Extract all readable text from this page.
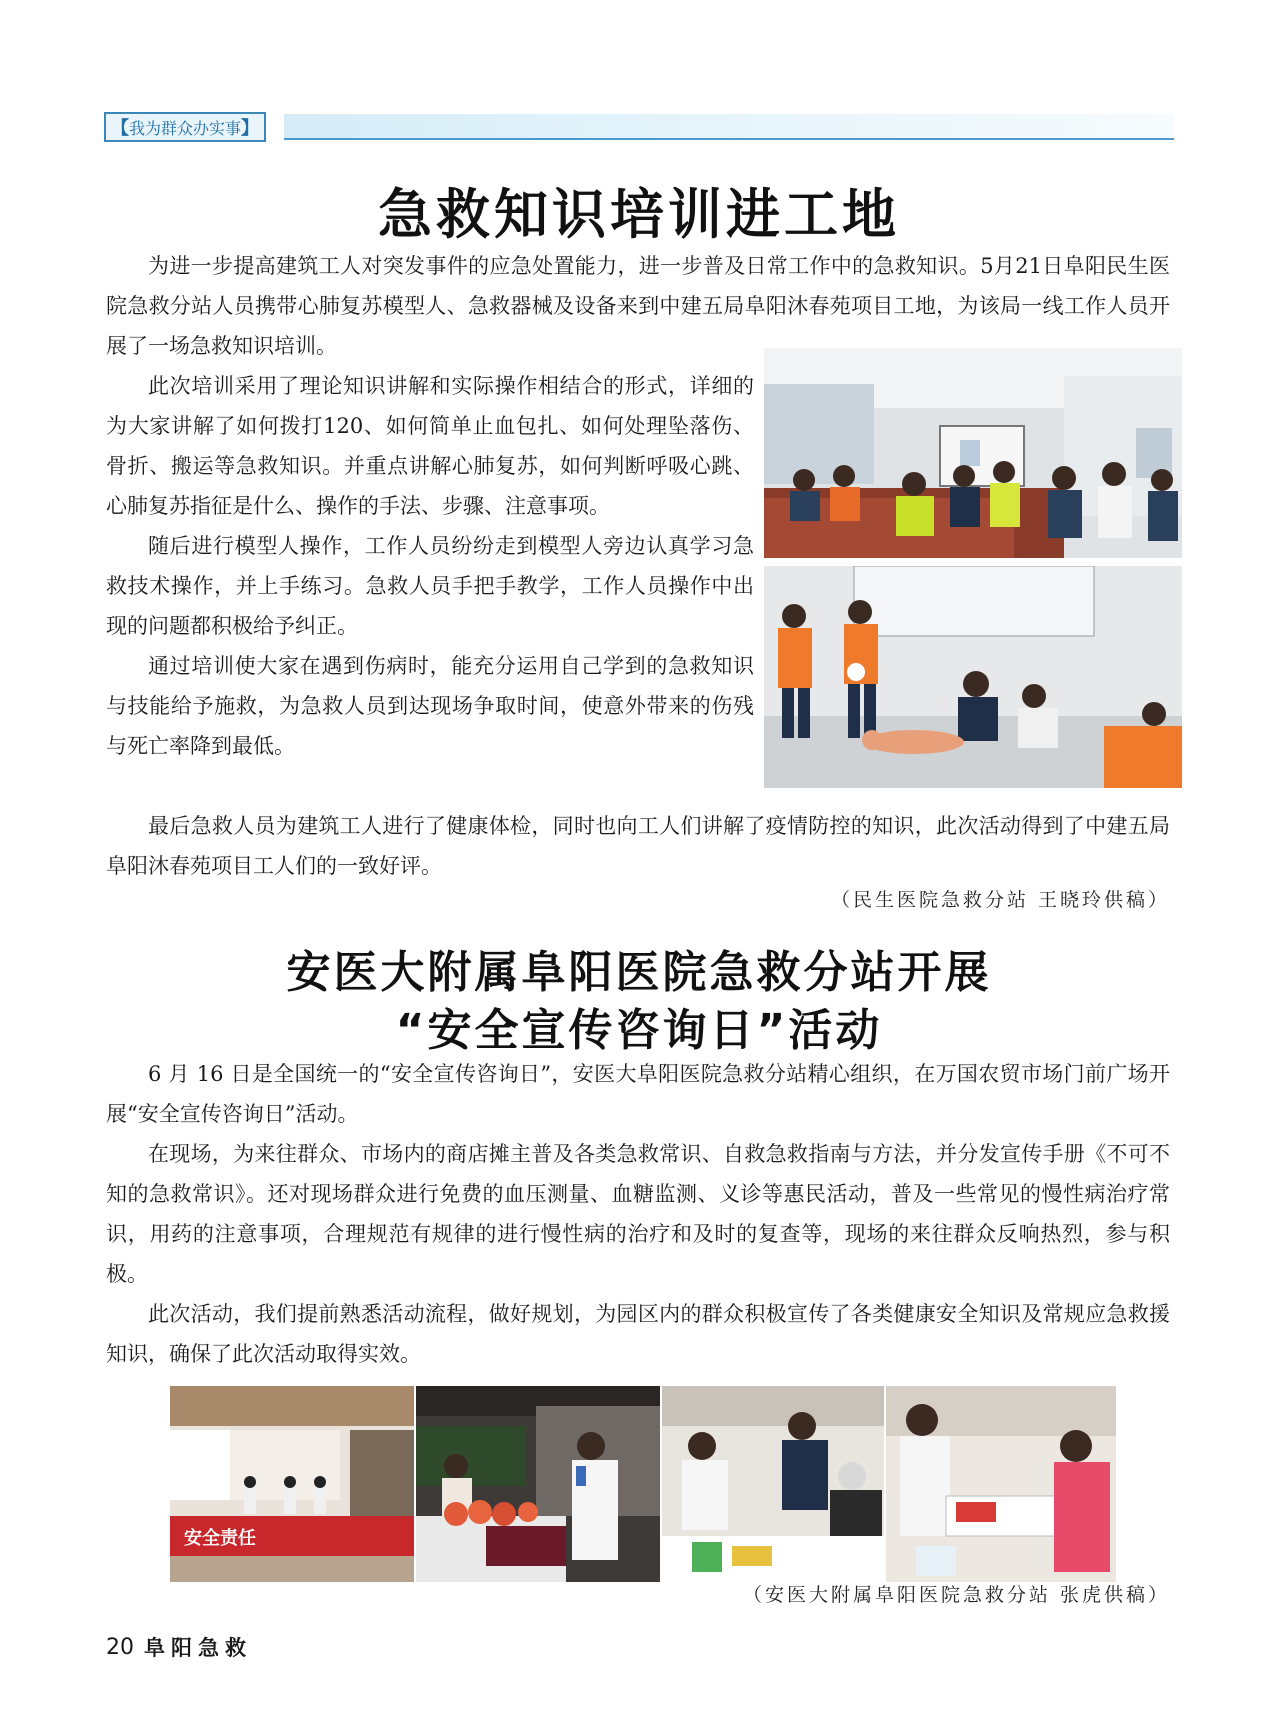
【 我为群众办实事 】
急救知识培训进工地

为进一步提高建筑工人对突发事件的应急处置能力，进一步普及日常工作中的急救知识。5月21日阜阳民生医院急救分站人员携带心肺复苏模型人、急救器械及设备来到中建五局阜阳沐春苑项目工地，为该局一线工作人员开展了一场急救知识培训。

此次培训采用了理论知识讲解和实际操作相结合的形式，详细的为大家讲解了如何拨打120、如何简单止血包扎、如何处理坠落伤、骨折、搬运等急救知识。并重点讲解心肺复苏，如何判断呼吸心跳、心肺复苏指征是什么、操作的手法、步骤、注意事项。

随后进行模型人操作，工作人员纷纷走到模型人旁边认真学习急救技术操作，并上手练习。急救人员手把手教学，工作人员操作中出现的问题都积极给予纠正。

通过培训使大家在遇到伤病时，能充分运用自己学到的急救知识与技能给予施救，为急救人员到达现场争取时间，使意外带来的伤残与死亡率降到最低。

最后急救人员为建筑工人进行了健康体检，同时也向工人们讲解了疫情防控的知识，此次活动得到了中建五局阜阳沐春苑项目工人们的一致好评。

（民生医院急救分站 王晓玲供稿）

安医大附属阜阳医院急救分站开展
“安全宣传咨询日”活动

6 月 16 日是全国统一的“安全宣传咨询日”，安医大阜阳医院急救分站精心组织，在万国农贸市场门前广场开展“安全宣传咨询日”活动。

在现场，为来往群众、市场内的商店摊主普及各类急救常识、自救急救指南与方法，并分发宣传手册《不可不知的急救常识》。还对现场群众进行免费的血压测量、血糖监测、义诊等惠民活动，普及一些常见的慢性病治疗常识，用药的注意事项，合理规范有规律的进行慢性病的治疗和及时的复查等，现场的来往群众反响热烈，参与积极。

此次活动，我们提前熟悉活动流程，做好规划，为园区内的群众积极宣传了各类健康安全知识及常规应急救援知识，确保了此次活动取得实效。

安全责任

（安医大附属阜阳医院急救分站 张虎供稿）

20 阜阳急救
